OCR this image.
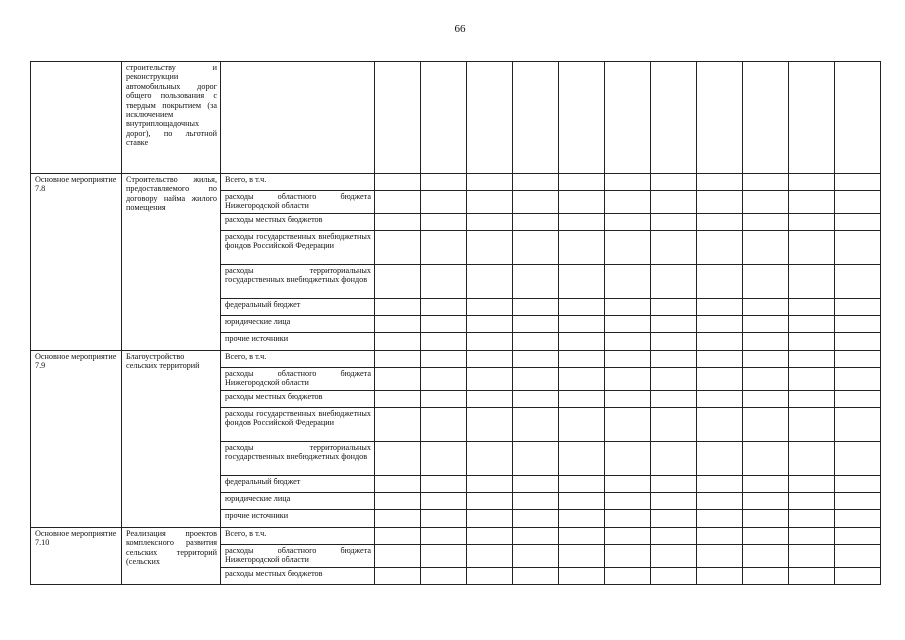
66
	строительству и реконструкции автомобильных дорог общего пользования с твердым покрытием (за исключением внутриплощадочных дорог), по льготной ставке												
Основное мероприятие 7.8	Строительство жилья, предоставляемого по договору найма жилого помещения	Всего, в т.ч.											
		расходы областного бюджета Нижегородской области											
		расходы местных бюджетов											
		расходы государственных внебюджетных фондов Российской Федерации											
		расходы территориальных государственных внебюджетных фондов											
		федеральный бюджет											
		юридические лица											
		прочие источники											
Основное мероприятие 7.9	Благоустройство сельских территорий	Всего, в т.ч.											
		расходы областного бюджета Нижегородской области											
		расходы местных бюджетов											
		расходы государственных внебюджетных фондов Российской Федерации											
		расходы территориальных государственных внебюджетных фондов											
		федеральный бюджет											
		юридические лица											
		прочие источники											
Основное мероприятие 7.10	Реализация проектов комплексного развития сельских территорий (сельских	Всего, в т.ч.											
		расходы областного бюджета Нижегородской области											
		расходы местных бюджетов											
